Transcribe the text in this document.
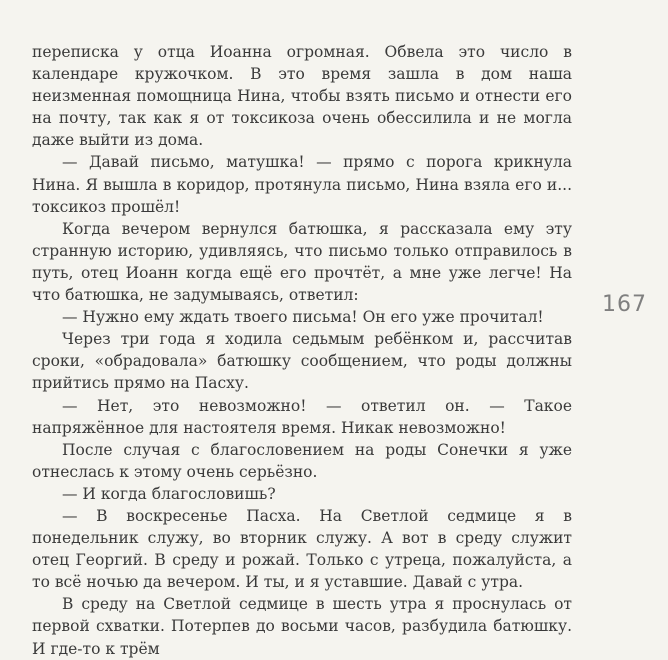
переписка у отца Иоанна огромная. Обвела это число в календаре кружочком. В это время зашла в дом наша неизменная помощница Нина, чтобы взять письмо и отнести его на почту, так как я от токсикоза очень обессилила и не могла даже выйти из дома.

— Давай письмо, матушка! — прямо с порога крикнула Нина. Я вышла в коридор, протянула письмо, Нина взяла его и... токсикоз прошёл!

Когда вечером вернулся батюшка, я рассказала ему эту странную историю, удивляясь, что письмо только отправилось в путь, отец Иоанн когда ещё его прочтёт, а мне уже легче! На что батюшка, не задумываясь, ответил:

— Нужно ему ждать твоего письма! Он его уже прочитал!

Через три года я ходила седьмым ребёнком и, рассчитав сроки, «обрадовала» батюшку сообщением, что роды должны прийтись прямо на Пасху.

— Нет, это невозможно! — ответил он. — Такое напряжённое для настоятеля время. Никак невозможно!

После случая с благословением на роды Сонечки я уже отнеслась к этому очень серьёзно.

— И когда благословишь?

— В воскресенье Пасха. На Светлой седмице я в понедельник служу, во вторник служу. А вот в среду служит отец Георгий. В среду и рожай. Только с утреца, пожалуйста, а то всё ночью да вечером. И ты, и я уставшие. Давай с утра.

В среду на Светлой седмице в шесть утра я проснулась от первой схватки. Потерпев до восьми часов, разбудила батюшку. И где-то к трём

167
